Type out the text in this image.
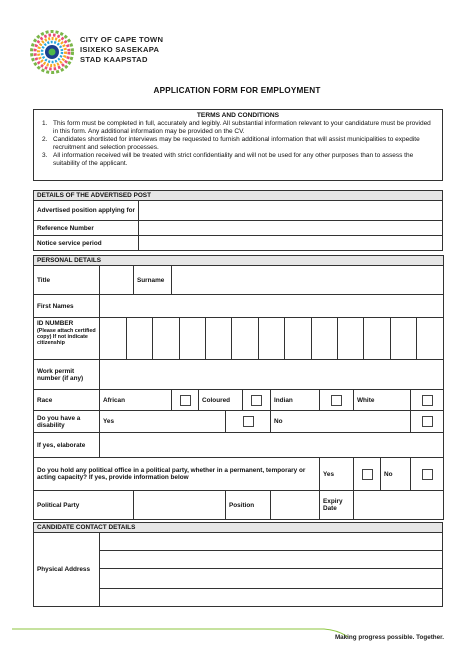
CITY OF CAPE TOWN
ISIXEKO SASEKAPA
STAD KAAPSTAD
APPLICATION FORM FOR EMPLOYMENT
TERMS AND CONDITIONS
1. This form must be completed in full, accurately and legibly. All substantial information relevant to your candidature must be provided in this form. Any additional information may be provided on the CV.
2. Candidates shortlisted for interviews may be requested to furnish additional information that will assist municipalities to expedite recruitment and selection processes.
3. All information received will be treated with strict confidentiality and will not be used for any other purposes than to assess the suitability of the applicant.
DETAILS OF THE ADVERTISED POST	
Advertised position applying for	
Reference Number	
Notice service period	
PERSONAL DETAILS
Title		Surname	
First Names	

ID NUMBER
(Please attach certified copy) If not indicate citizenship

Work permit number (if any)	
Race	African		Coloured		Indian		White	
Do you have a disability	Yes		No	
If yes, elaborate	
Do you hold any political office in a political party, whether in a permanent, temporary or acting capacity? If yes, provide information below	Yes		No	
Political Party		Position		Expiry Date	
CANDIDATE CONTACT DETAILS
Physical Address	

Making progress possible. Together.
